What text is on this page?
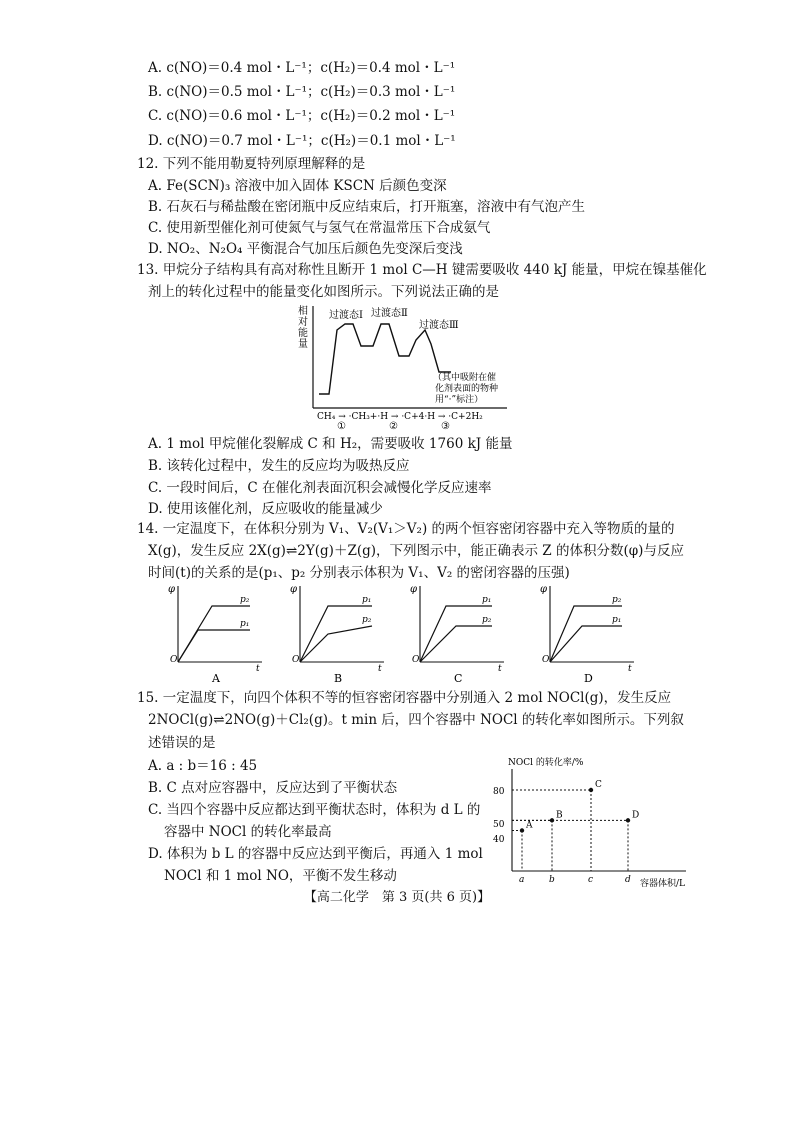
A. c(NO)＝0.4 mol・L⁻¹；c(H₂)＝0.4 mol・L⁻¹
B. c(NO)＝0.5 mol・L⁻¹；c(H₂)＝0.3 mol・L⁻¹
C. c(NO)＝0.6 mol・L⁻¹；c(H₂)＝0.2 mol・L⁻¹
D. c(NO)＝0.7 mol・L⁻¹；c(H₂)＝0.1 mol・L⁻¹
12. 下列不能用勒夏特列原理解释的是
A. Fe(SCN)₃ 溶液中加入固体 KSCN 后颜色变深
B. 石灰石与稀盐酸在密闭瓶中反应结束后，打开瓶塞，溶液中有气泡产生
C. 使用新型催化剂可使氮气与氢气在常温常压下合成氨气
D. NO₂、N₂O₄ 平衡混合气加压后颜色先变深后变浅
13. 甲烷分子结构具有高对称性且断开 1 mol C—H 键需要吸收 440 kJ 能量，甲烷在镍基催化
剂上的转化过程中的能量变化如图所示。下列说法正确的是
相
对
能
量
过渡态Ⅰ 过渡态Ⅱ
过渡态Ⅲ
（其中吸附在催
化剂表面的物种
用“·”标注）
CH₄ → ·CH₃+·H → ·C+4·H → ·C+2H₂
①	②	③
A. 1 mol 甲烷催化裂解成 C 和 H₂，需要吸收 1760 kJ 能量
B. 该转化过程中，发生的反应均为吸热反应
C. 一段时间后，C 在催化剂表面沉积会减慢化学反应速率
D. 使用该催化剂，反应吸收的能量减少
14. 一定温度下，在体积分别为 V₁、V₂(V₁＞V₂) 的两个恒容密闭容器中充入等物质的量的
X(g)，发生反应 2X(g)⇌2Y(g)＋Z(g)，下列图示中，能正确表示 Z 的体积分数(φ)与反应
时间(t)的关系的是(p₁、p₂ 分别表示体积为 V₁、V₂ 的密闭容器的压强)
φ
O
t
p₂
p₁
A
φ
O
t
p₁
p₂
B
φ
O
t
p₁
p₂
C
φ
O
t
p₂
p₁
D
15. 一定温度下，向四个体积不等的恒容密闭容器中分别通入 2 mol NOCl(g)，发生反应
2NOCl(g)⇌2NO(g)＋Cl₂(g)。t min 后，四个容器中 NOCl 的转化率如图所示。下列叙
述错误的是
A. a : b＝16 : 45
B. C 点对应容器中，反应达到了平衡状态
C. 当四个容器中反应都达到平衡状态时，体积为 d L 的
容器中 NOCl 的转化率最高
D. 体积为 b L 的容器中反应达到平衡后，再通入 1 mol
NOCl 和 1 mol NO，平衡不发生移动
NOCl 的转化率/%
容器体积/L
80
50
40
a	b	c	d
A
B
C
D
【高二化学　第 3 页(共 6 页)】
